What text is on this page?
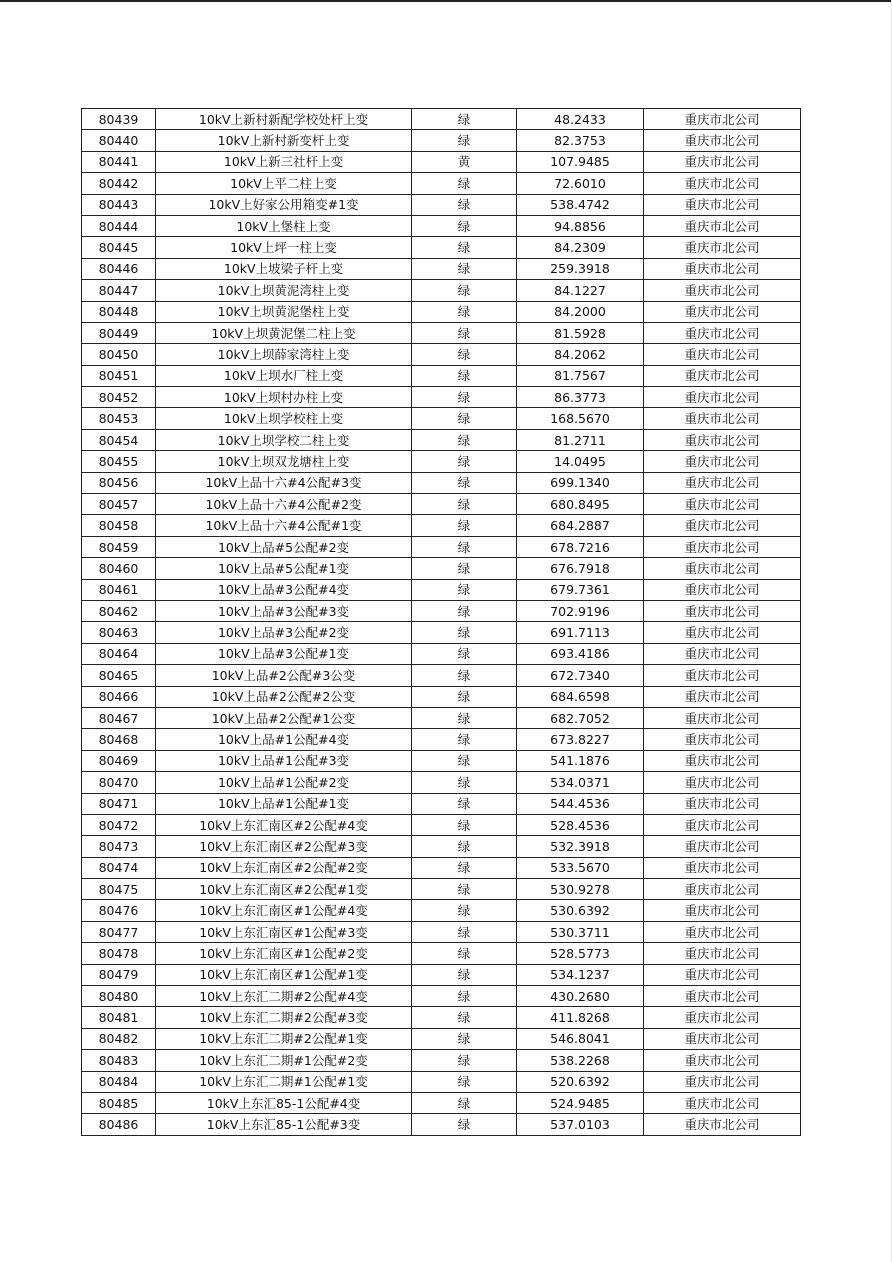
80439	10kV上新村新配学校处杆上变	绿	48.2433	重庆市北公司
80440	10kV上新村新变杆上变	绿	82.3753	重庆市北公司
80441	10kV上新三社杆上变	黄	107.9485	重庆市北公司
80442	10kV上平二柱上变	绿	72.6010	重庆市北公司
80443	10kV上好家公用箱变#1变	绿	538.4742	重庆市北公司
80444	10kV上堡柱上变	绿	94.8856	重庆市北公司
80445	10kV上坪一柱上变	绿	84.2309	重庆市北公司
80446	10kV上坡梁子杆上变	绿	259.3918	重庆市北公司
80447	10kV上坝黄泥湾柱上变	绿	84.1227	重庆市北公司
80448	10kV上坝黄泥堡柱上变	绿	84.2000	重庆市北公司
80449	10kV上坝黄泥堡二柱上变	绿	81.5928	重庆市北公司
80450	10kV上坝薛家湾柱上变	绿	84.2062	重庆市北公司
80451	10kV上坝水厂柱上变	绿	81.7567	重庆市北公司
80452	10kV上坝村办柱上变	绿	86.3773	重庆市北公司
80453	10kV上坝学校柱上变	绿	168.5670	重庆市北公司
80454	10kV上坝学校二柱上变	绿	81.2711	重庆市北公司
80455	10kV上坝双龙塘柱上变	绿	14.0495	重庆市北公司
80456	10kV上品十六#4公配#3变	绿	699.1340	重庆市北公司
80457	10kV上品十六#4公配#2变	绿	680.8495	重庆市北公司
80458	10kV上品十六#4公配#1变	绿	684.2887	重庆市北公司
80459	10kV上品#5公配#2变	绿	678.7216	重庆市北公司
80460	10kV上品#5公配#1变	绿	676.7918	重庆市北公司
80461	10kV上品#3公配#4变	绿	679.7361	重庆市北公司
80462	10kV上品#3公配#3变	绿	702.9196	重庆市北公司
80463	10kV上品#3公配#2变	绿	691.7113	重庆市北公司
80464	10kV上品#3公配#1变	绿	693.4186	重庆市北公司
80465	10kV上品#2公配#3公变	绿	672.7340	重庆市北公司
80466	10kV上品#2公配#2公变	绿	684.6598	重庆市北公司
80467	10kV上品#2公配#1公变	绿	682.7052	重庆市北公司
80468	10kV上品#1公配#4变	绿	673.8227	重庆市北公司
80469	10kV上品#1公配#3变	绿	541.1876	重庆市北公司
80470	10kV上品#1公配#2变	绿	534.0371	重庆市北公司
80471	10kV上品#1公配#1变	绿	544.4536	重庆市北公司
80472	10kV上东汇南区#2公配#4变	绿	528.4536	重庆市北公司
80473	10kV上东汇南区#2公配#3变	绿	532.3918	重庆市北公司
80474	10kV上东汇南区#2公配#2变	绿	533.5670	重庆市北公司
80475	10kV上东汇南区#2公配#1变	绿	530.9278	重庆市北公司
80476	10kV上东汇南区#1公配#4变	绿	530.6392	重庆市北公司
80477	10kV上东汇南区#1公配#3变	绿	530.3711	重庆市北公司
80478	10kV上东汇南区#1公配#2变	绿	528.5773	重庆市北公司
80479	10kV上东汇南区#1公配#1变	绿	534.1237	重庆市北公司
80480	10kV上东汇二期#2公配#4变	绿	430.2680	重庆市北公司
80481	10kV上东汇二期#2公配#3变	绿	411.8268	重庆市北公司
80482	10kV上东汇二期#2公配#1变	绿	546.8041	重庆市北公司
80483	10kV上东汇二期#1公配#2变	绿	538.2268	重庆市北公司
80484	10kV上东汇二期#1公配#1变	绿	520.6392	重庆市北公司
80485	10kV上东汇85-1公配#4变	绿	524.9485	重庆市北公司
80486	10kV上东汇85-1公配#3变	绿	537.0103	重庆市北公司
